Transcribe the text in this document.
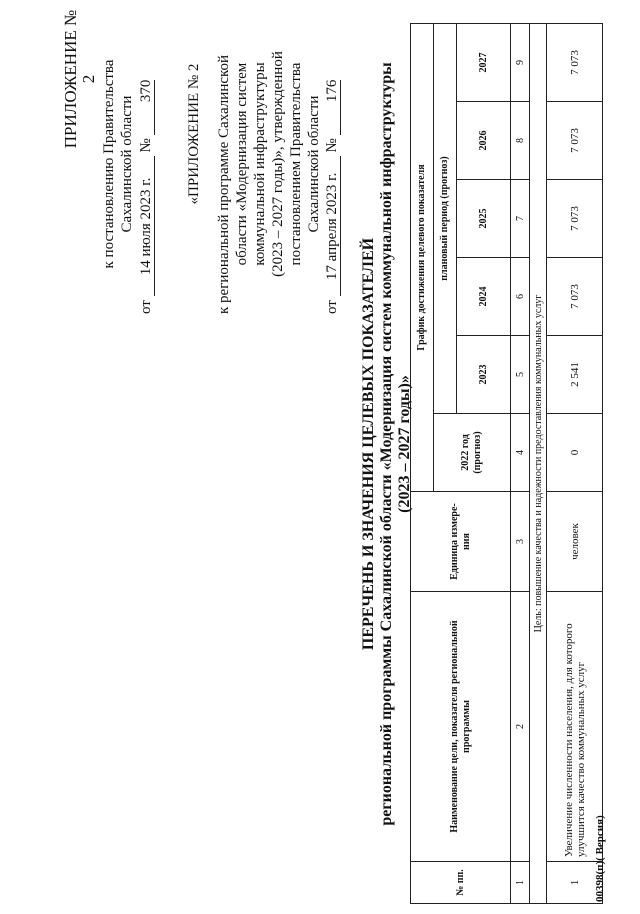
ПРИЛОЖЕНИЕ № 2 к постановлению Правительства Сахалинской области
от 14 июля 2023 г. № 370 «ПРИЛОЖЕНИЕ № 2 к региональной программе Сахалинской области «Модернизация систем коммунальной инфраструктуры (2023 – 2027 годы)», утвержденной постановлением Правительства Сахалинской области
от 17 апреля 2023 г. № 176
ПЕРЕЧЕНЬ И ЗНАЧЕНИЯ ЦЕЛЕВЫХ ПОКАЗАТЕЛЕЙ региональной программы Сахалинской области «Модернизация систем коммунальной инфраструктуры (2023 – 2027 годы)»
№ пп.	Наименование цели, показателя региональной программы	Единица измере-ния	График достижения целевого показателя					
			2022 год (прогноз)	плановый период (прогноз)				
				2023	2024	2025	2026	2027
1	2	3	4	5	6	7	8	9
Цель: повышение качества и надежности предоставления коммунальных услуг								
1	Увеличение численности населения, для которого улучшится качество коммунальных услуг	человек	0	2 541	7 073	7 073	7 073	7 073
00398(п)( Версия)
